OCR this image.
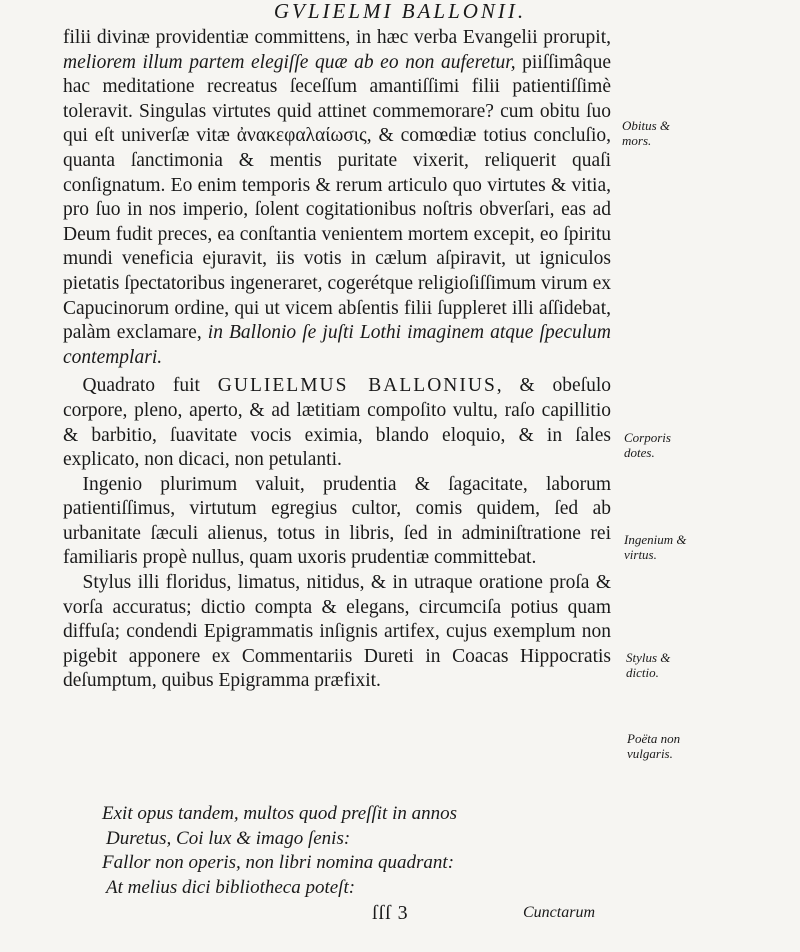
GVLIELMI BALLONII.

filii divinæ providentiæ committens, in hæc verba Evangelii prorupit, meliorem illum partem elegiſſe quæ ab eo non auferetur, piiſſimâque hac meditatione recreatus ſeceſſum amantiſſimi filii patientiſſimè toleravit. Singulas virtutes quid attinet commemorare? cum obitu ſuo qui eſt univerſæ vitæ ἀνακεφαλαίωσις, & comœdiæ totius concluſio, quanta ſanctimonia & mentis puritate vixerit, reliquerit quaſi conſignatum. Eo enim temporis & rerum articulo quo virtutes & vitia, pro ſuo in nos imperio, ſolent cogitationibus noſtris obverſari, eas ad Deum fudit preces, ea conſtantia venientem mortem excepit, eo ſpiritu mundi veneficia ejuravit, iis votis in cælum aſpiravit, ut igniculos pietatis ſpectatoribus ingeneraret, cogerétque religioſiſſimum virum ex Capucinorum ordine, qui ut vicem abſentis filii ſuppleret illi aſſidebat, palàm exclamare, in Ballonio ſe juſti Lothi imaginem atque ſpeculum contemplari.

 Quadrato fuit GULIELMUS BALLONIUS, & obeſulo corpore, pleno, aperto, & ad lætitiam compoſito vultu, raſo capillitio & barbitio, ſuavitate vocis eximia, blando eloquio, & in ſales explicato, non dicaci, non petulanti.

 Ingenio plurimum valuit, prudentia & ſagacitate, laborum patientiſſimus, virtutum egregius cultor, comis quidem, ſed ab urbanitate ſæculi alienus, totus in libris, ſed in adminiſtratione rei familiaris propè nullus, quam uxoris prudentiæ committebat.

 Stylus illi floridus, limatus, nitidus, & in utraque oratione proſa & vorſa accuratus; dictio compta & elegans, circumciſa potius quam diffuſa; condendi Epigrammatis inſignis artifex, cujus exemplum non pigebit apponere ex Commentariis Dureti in Coacas Hippocratis deſumptum, quibus Epigramma præfixit.

Obitus & mors.
Corporis dotes.
Ingenium & virtus.
Stylus & dictio.
Poëta non vulgaris.
Exit opus tandem, multos quod preſſit in annos
Duretus, Coi lux & imago ſenis:
Fallor non operis, non libri nomina quadrant:
At melius dici bibliotheca poteſt:
ſſſ 3	Cunctarum
